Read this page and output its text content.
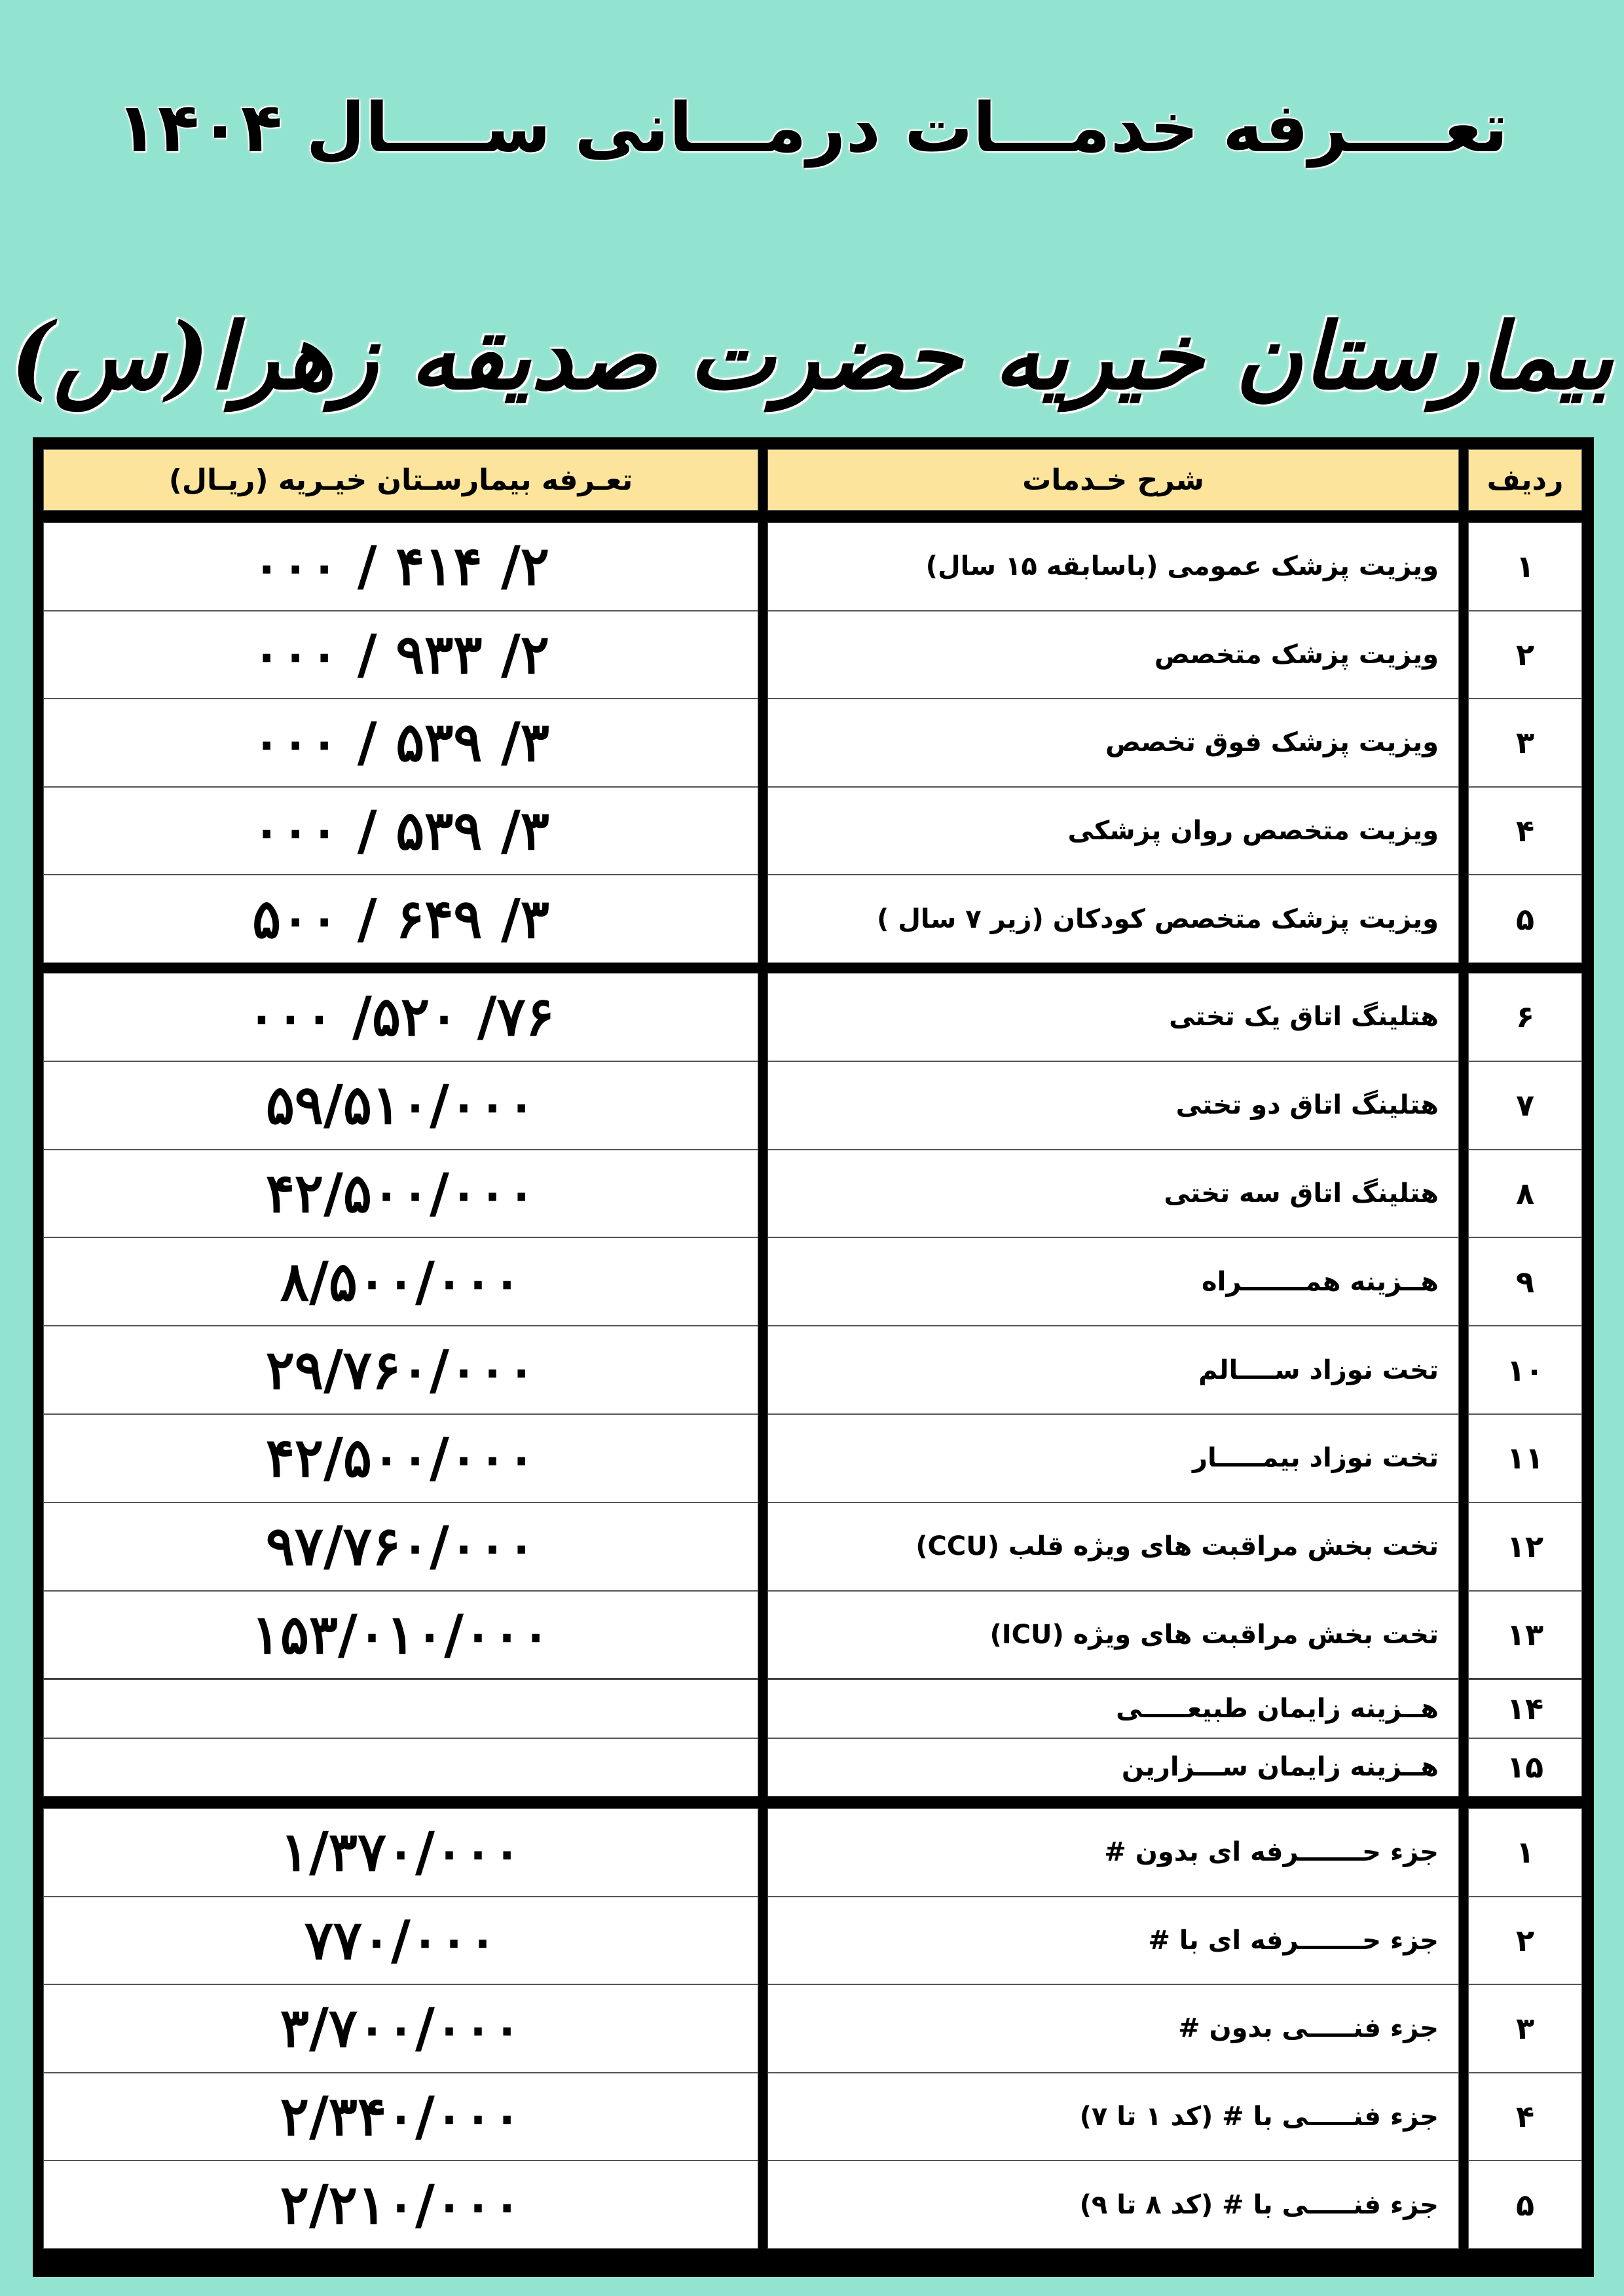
تعــــرفه خدمـــات درمـــانی ســــال ۱۴۰۴
بیمارستان خیریه حضرت صدیقه زهرا(س)
ردیف
شرح خـدمات
تعـرفه بیمارسـتان خیـریه (ریـال)
۱
ویزیت پزشک عمومی (باسابقه ۱۵ سال)
۲/ ۴۱۴ / ۰۰۰
۲
ویزیت پزشک متخصص
۲/ ۹۳۳ / ۰۰۰
۳
ویزیت پزشک فوق تخصص
۳/ ۵۳۹ / ۰۰۰
۴
ویزیت متخصص روان پزشکی
۳/ ۵۳۹ / ۰۰۰
۵
ویزیت پزشک متخصص کودکان (زیر ۷ سال )
۳/ ۶۴۹ / ۵۰۰
۶
هتلینگ اتاق یک تختی
۷۶/ ۵۲۰/ ۰۰۰
۷
هتلینگ اتاق دو تختی
۵۹/۵۱۰/۰۰۰
۸
هتلینگ اتاق سه تختی
۴۲/۵۰۰/۰۰۰
۹
هــزینه همـــــــراه
۸/۵۰۰/۰۰۰
۱۰
تخت نوزاد ســــالم
۲۹/۷۶۰/۰۰۰
۱۱
تخت نوزاد بیمـــــار
۴۲/۵۰۰/۰۰۰
۱۲
تخت بخش مراقبت های ویژه قلب (CCU)
۹۷/۷۶۰/۰۰۰
۱۳
تخت بخش مراقبت های ویژه (ICU)
۱۵۳/۰۱۰/۰۰۰
۱۴
هــزینه زایمان طبیعـــــی
۱۵
هــزینه زایمان ســـزارین
۱
جزء حـــــــرفه ای بدون #
۱/۳۷۰/۰۰۰
۲
جزء حـــــــرفه ای با #
۷۷۰/۰۰۰
۳
جزء فنـــــی بدون #
۳/۷۰۰/۰۰۰
۴
جزء فنـــــی با # (کد ۱ تا ۷)
۲/۳۴۰/۰۰۰
۵
جزء فنـــــی با # (کد ۸ تا ۹)
۲/۲۱۰/۰۰۰
